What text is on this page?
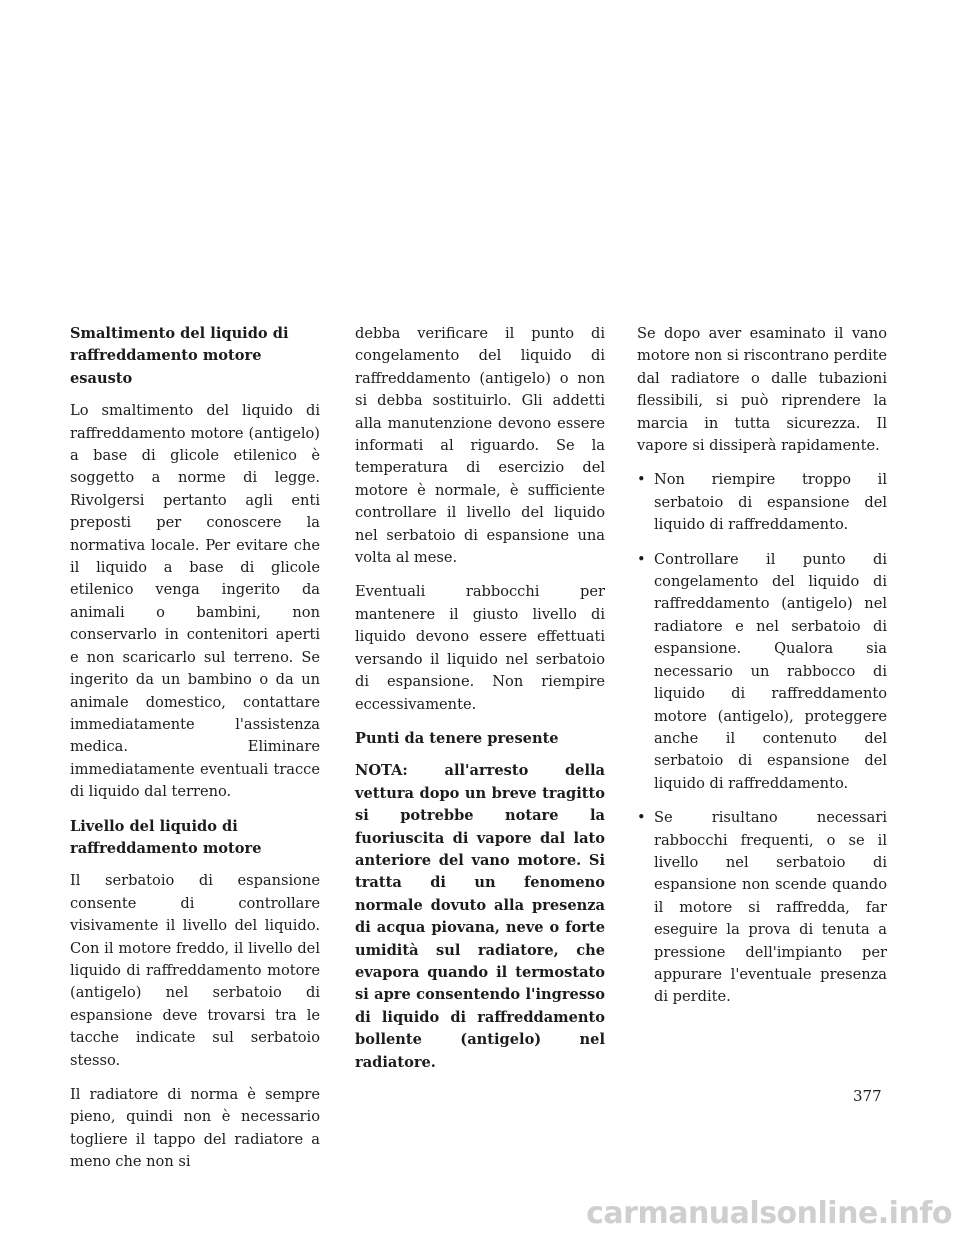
Smaltimento del liquido di raffreddamento motore esausto

Lo smaltimento del liquido di raffreddamento motore (antigelo) a base di glicole etilenico è soggetto a norme di legge. Rivolgersi pertanto agli enti preposti per conoscere la normativa locale. Per evitare che il liquido a base di glicole etilenico venga ingerito da animali o bambini, non conservarlo in contenitori aperti e non scaricarlo sul terreno. Se ingerito da un bambino o da un animale domestico, contattare immediatamente l'assistenza medica. Eliminare immediatamente eventuali tracce di liquido dal terreno.

Livello del liquido di raffreddamento motore

Il serbatoio di espansione consente di controllare visivamente il livello del liquido. Con il motore freddo, il livello del liquido di raffreddamento motore (antigelo) nel serbatoio di espansione deve trovarsi tra le tacche indicate sul serbatoio stesso.

Il radiatore di norma è sempre pieno, quindi non è necessario togliere il tappo del radiatore a meno che non si

debba verificare il punto di congelamento del liquido di raffreddamento (antigelo) o non si debba sostituirlo. Gli addetti alla manutenzione devono essere informati al riguardo. Se la temperatura di esercizio del motore è normale, è sufficiente controllare il livello del liquido nel serbatoio di espansione una volta al mese.

Eventuali rabbocchi per mantenere il giusto livello di liquido devono essere effettuati versando il liquido nel serbatoio di espansione. Non riempire eccessivamente.

Punti da tenere presente

NOTA: all'arresto della vettura dopo un breve tragitto si potrebbe notare la fuoriuscita di vapore dal lato anteriore del vano motore. Si tratta di un fenomeno normale dovuto alla presenza di acqua piovana, neve o forte umidità sul radiatore, che evapora quando il termostato si apre consentendo l'ingresso di liquido di raffreddamento bollente (antigelo) nel radiatore.

Se dopo aver esaminato il vano motore non si riscontrano perdite dal radiatore o dalle tubazioni flessibili, si può riprendere la marcia in tutta sicurezza. Il vapore si dissiperà rapidamente.

• Non riempire troppo il serbatoio di espansione del liquido di raffreddamento.
• Controllare il punto di congelamento del liquido di raffreddamento (antigelo) nel radiatore e nel serbatoio di espansione. Qualora sia necessario un rabbocco di liquido di raffreddamento motore (antigelo), proteggere anche il contenuto del serbatoio di espansione del liquido di raffreddamento.
• Se risultano necessari rabbocchi frequenti, o se il livello nel serbatoio di espansione non scende quando il motore si raffredda, far eseguire la prova di tenuta a pressione dell'impianto per appurare l'eventuale presenza di perdite.
377
carmanualsonline.info
